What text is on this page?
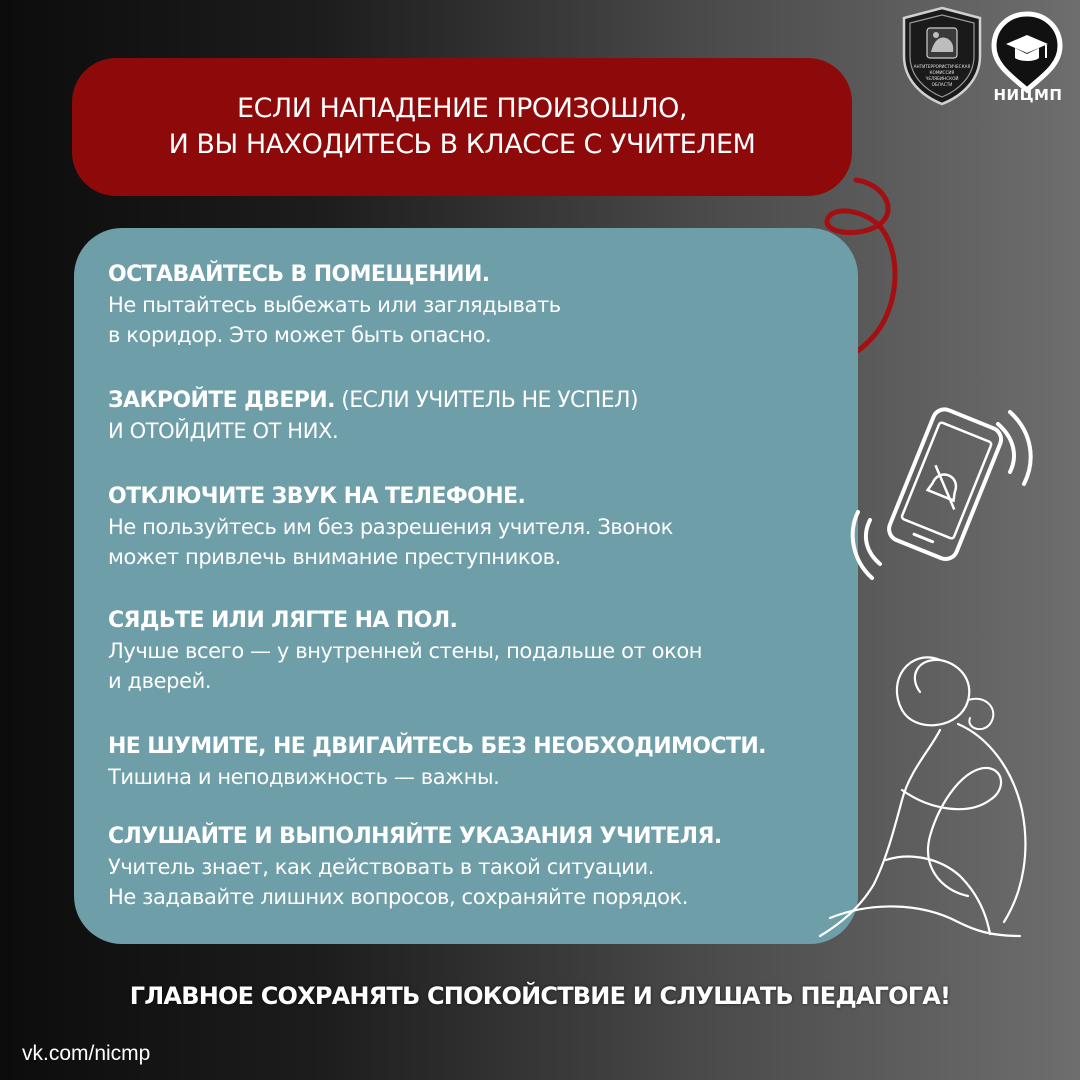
АНТИТЕРРОРИСТИЧЕСКАЯ
КОМИССИЯ
ЧЕЛЯБИНСКОЙ
ОБЛАСТИ
НИЦМП
ЕСЛИ НАПАДЕНИЕ ПРОИЗОШЛО,
И ВЫ НАХОДИТЕСЬ В КЛАССЕ С УЧИТЕЛЕМ
ОСТАВАЙТЕСЬ В ПОМЕЩЕНИИ.
Не пытайтесь выбежать или заглядывать
в коридор. Это может быть опасно.
ЗАКРОЙТЕ ДВЕРИ. (ЕСЛИ УЧИТЕЛЬ НЕ УСПЕЛ)
И ОТОЙДИТЕ ОТ НИХ.
ОТКЛЮЧИТЕ ЗВУК НА ТЕЛЕФОНЕ.
Не пользуйтесь им без разрешения учителя. Звонок
может привлечь внимание преступников.
СЯДЬТЕ ИЛИ ЛЯГТЕ НА ПОЛ.
Лучше всего — у внутренней стены, подальше от окон
и дверей.
НЕ ШУМИТЕ, НЕ ДВИГАЙТЕСЬ БЕЗ НЕОБХОДИМОСТИ.
Тишина и неподвижность — важны.
СЛУШАЙТЕ И ВЫПОЛНЯЙТЕ УКАЗАНИЯ УЧИТЕЛЯ.
Учитель знает, как действовать в такой ситуации.
Не задавайте лишних вопросов, сохраняйте порядок.
ГЛАВНОЕ СОХРАНЯТЬ СПОКОЙСТВИЕ И СЛУШАТЬ ПЕДАГОГА!
vk.com/nicmp
